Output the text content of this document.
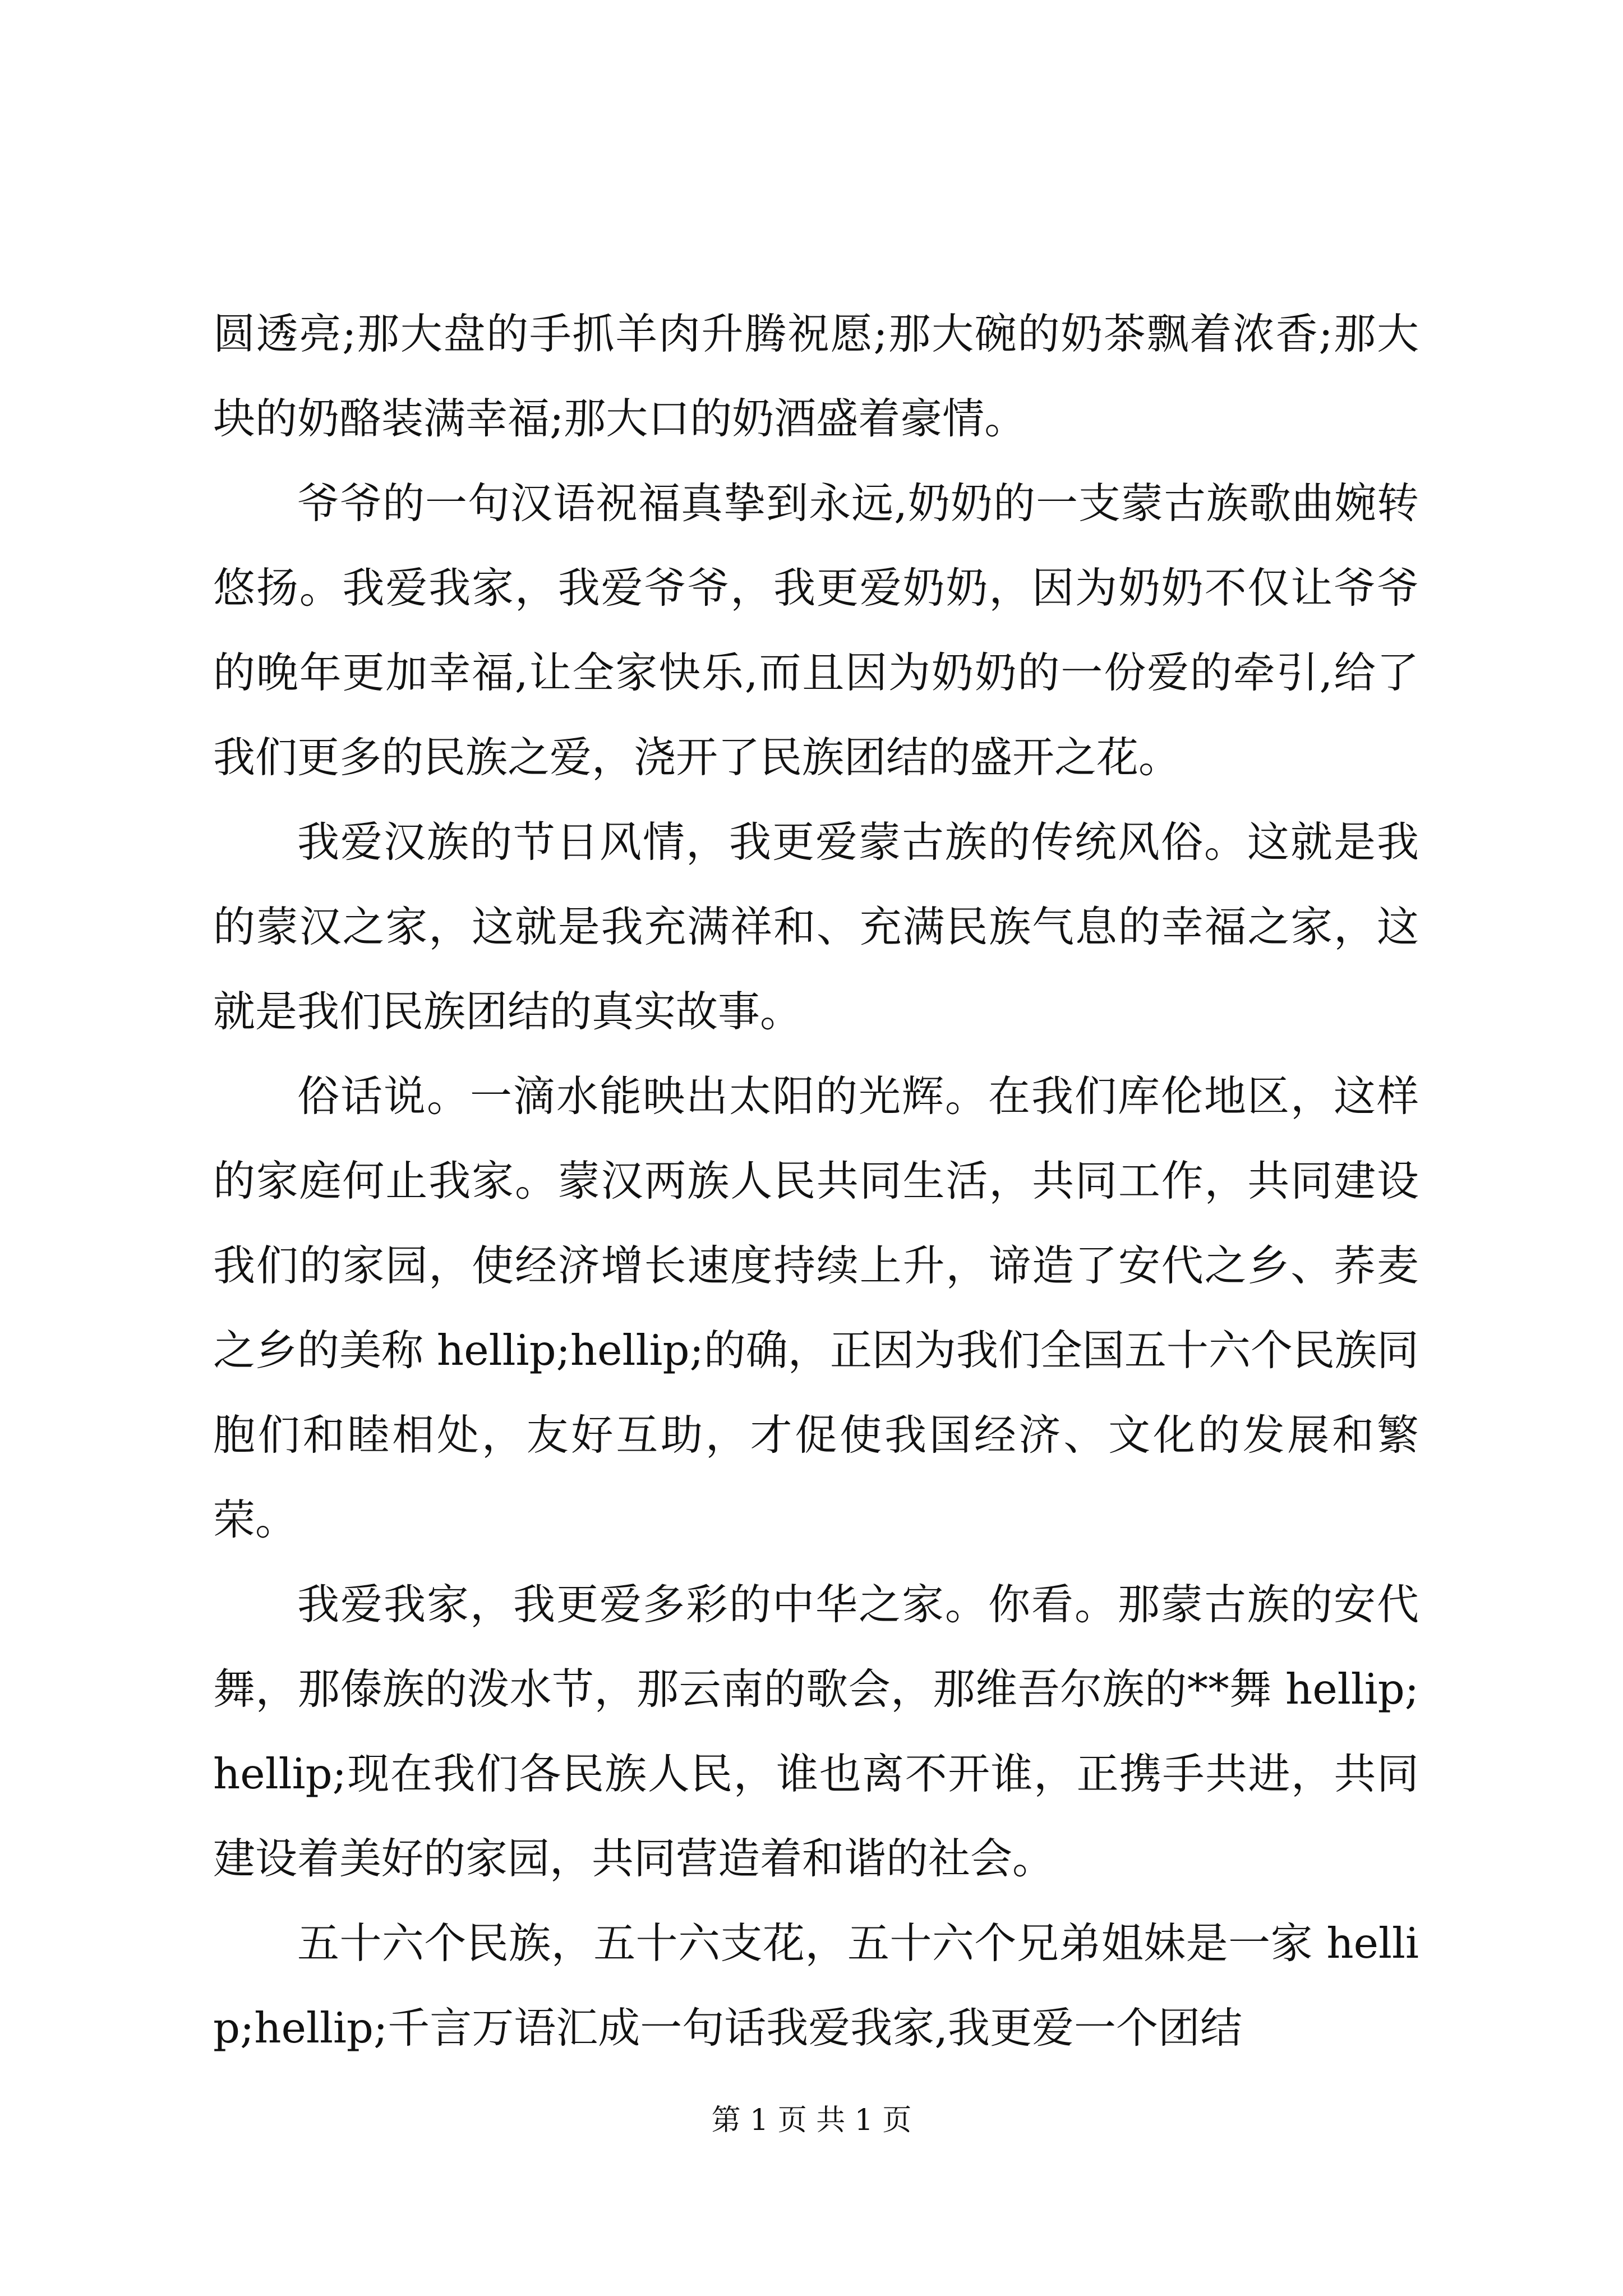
圆透亮;那大盘的手抓羊肉升腾祝愿;那大碗的奶茶飘着浓香;那大块的奶酪装满幸福;那大口的奶酒盛着豪情。

爷爷的一句汉语祝福真挚到永远,奶奶的一支蒙古族歌曲婉转悠扬。我爱我家，我爱爷爷，我更爱奶奶，因为奶奶不仅让爷爷的晚年更加幸福,让全家快乐,而且因为奶奶的一份爱的牵引,给了我们更多的民族之爱，浇开了民族团结的盛开之花。

我爱汉族的节日风情，我更爱蒙古族的传统风俗。这就是我的蒙汉之家，这就是我充满祥和、充满民族气息的幸福之家，这就是我们民族团结的真实故事。

俗话说。一滴水能映出太阳的光辉。在我们库伦地区，这样的家庭何止我家。蒙汉两族人民共同生活，共同工作，共同建设我们的家园，使经济增长速度持续上升，谛造了安代之乡、荞麦之乡的美称 hellip;hellip;的确，正因为我们全国五十六个民族同胞们和睦相处，友好互助，才促使我国经济、文化的发展和繁荣。

我爱我家，我更爱多彩的中华之家。你看。那蒙古族的安代舞，那傣族的泼水节，那云南的歌会，那维吾尔族的**舞 hellip;hellip;现在我们各民族人民，谁也离不开谁，正携手共进，共同建设着美好的家园，共同营造着和谐的社会。

五十六个民族，五十六支花，五十六个兄弟姐妹是一家 hellip;hellip;千言万语汇成一句话我爱我家,我更爱一个团结

第 1 页 共 1 页
